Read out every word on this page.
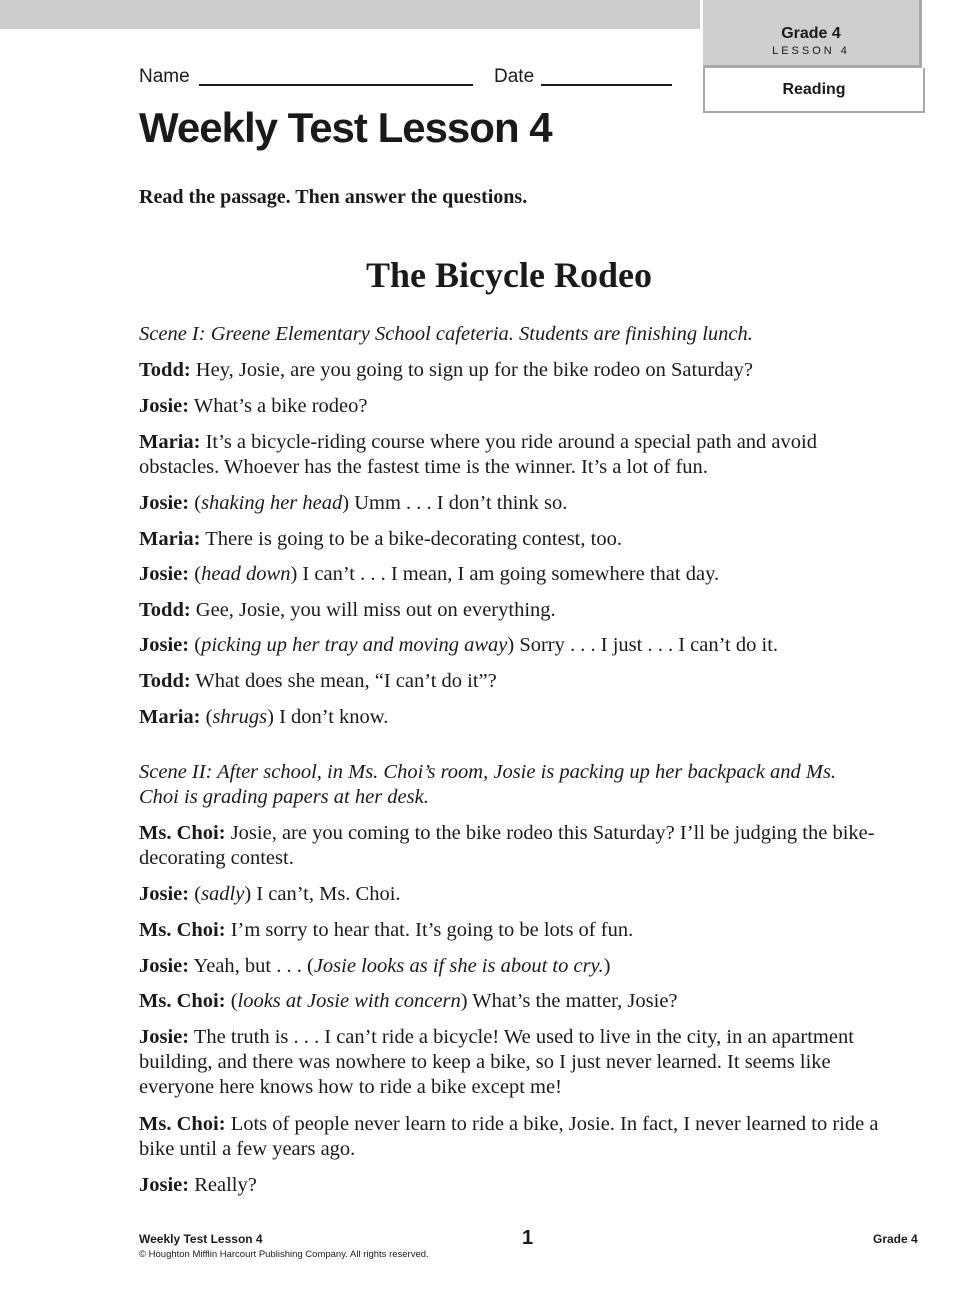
Grade 4
LESSON 4
Reading
Name	Date
Weekly Test Lesson 4
Read the passage. Then answer the questions.
The Bicycle Rodeo
Scene I: Greene Elementary School cafeteria. Students are finishing lunch.
Todd: Hey, Josie, are you going to sign up for the bike rodeo on Saturday?
Josie: What’s a bike rodeo?
Maria: It’s a bicycle-riding course where you ride around a special path and avoid obstacles. Whoever has the fastest time is the winner. It’s a lot of fun.
Josie: (shaking her head) Umm . . . I don’t think so.
Maria: There is going to be a bike-decorating contest, too.
Josie: (head down) I can’t . . . I mean, I am going somewhere that day.
Todd: Gee, Josie, you will miss out on everything.
Josie: (picking up her tray and moving away) Sorry . . . I just . . . I can’t do it.
Todd: What does she mean, “I can’t do it”?
Maria: (shrugs) I don’t know.
Scene II: After school, in Ms. Choi’s room, Josie is packing up her backpack and Ms. Choi is grading papers at her desk.
Ms. Choi: Josie, are you coming to the bike rodeo this Saturday? I’ll be judging the bike-decorating contest.
Josie: (sadly) I can’t, Ms. Choi.
Ms. Choi: I’m sorry to hear that. It’s going to be lots of fun.
Josie: Yeah, but . . . (Josie looks as if she is about to cry.)
Ms. Choi: (looks at Josie with concern) What’s the matter, Josie?
Josie: The truth is . . . I can’t ride a bicycle! We used to live in the city, in an apartment building, and there was nowhere to keep a bike, so I just never learned. It seems like everyone here knows how to ride a bike except me!
Ms. Choi: Lots of people never learn to ride a bike, Josie. In fact, I never learned to ride a bike until a few years ago.
Josie: Really?
Weekly Test Lesson 4
© Houghton Mifflin Harcourt Publishing Company. All rights reserved.
1	Grade 4
